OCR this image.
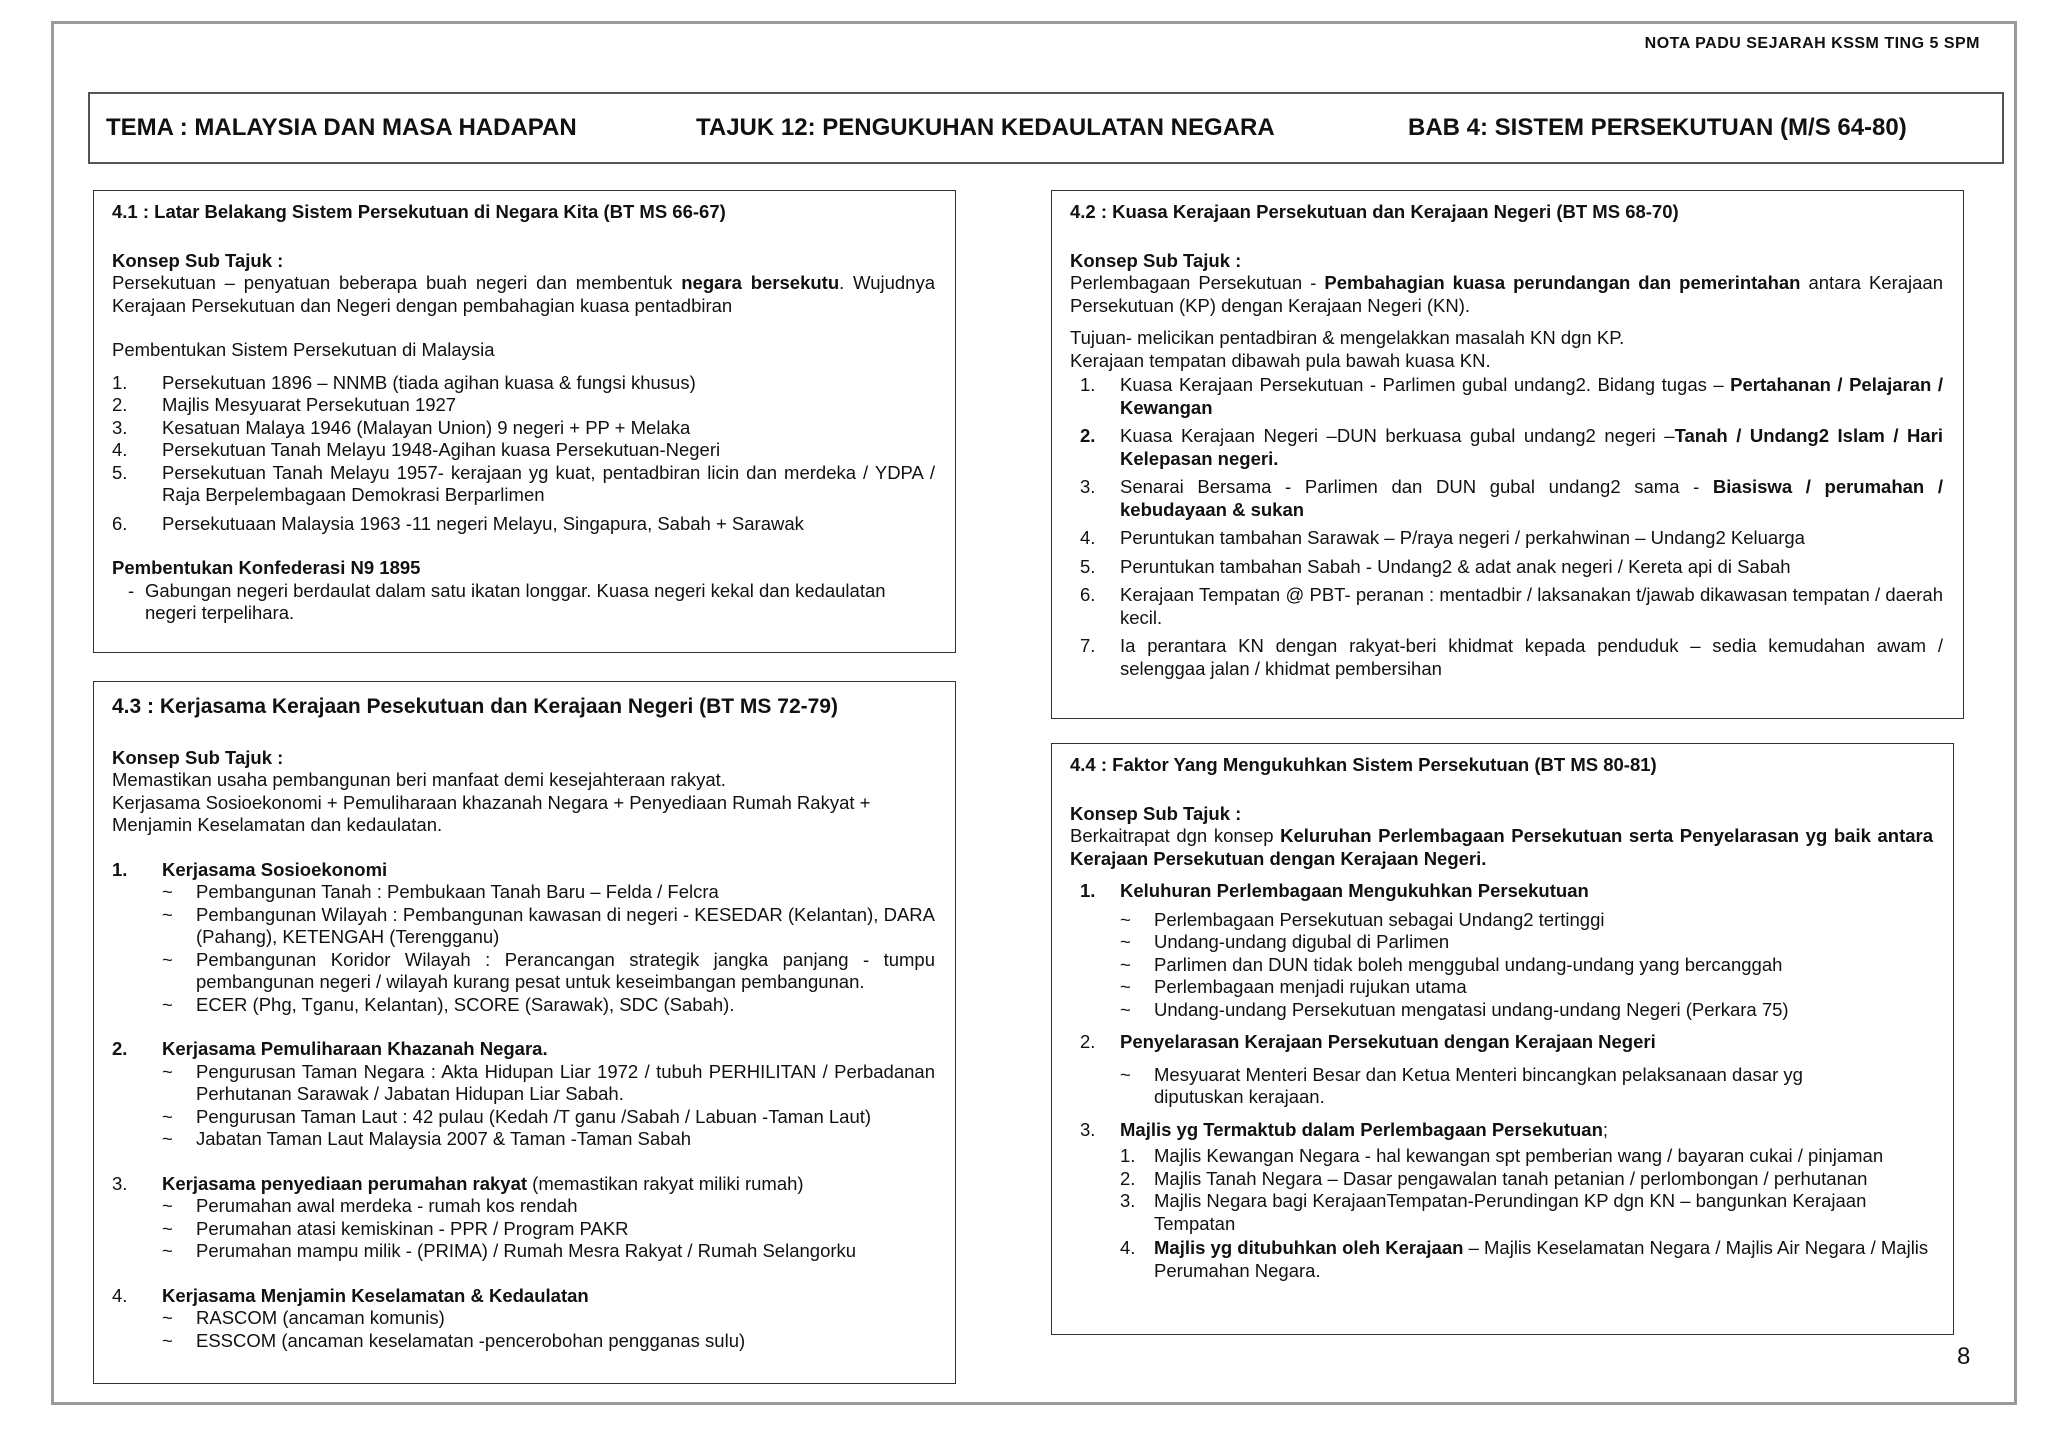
NOTA PADU SEJARAH KSSM TING 5 SPM
TEMA : MALAYSIA DAN MASA HADAPAN	TAJUK 12: PENGUKUHAN KEDAULATAN NEGARA	BAB 4: SISTEM PERSEKUTUAN (M/S 64-80)
4.1 : Latar Belakang Sistem Persekutuan di Negara Kita (BT MS 66-67)
Konsep Sub Tajuk :
Persekutuan – penyatuan beberapa buah negeri dan membentuk negara bersekutu. Wujudnya Kerajaan Persekutuan dan Negeri dengan pembahagian kuasa pentadbiran
Pembentukan Sistem Persekutuan di Malaysia
1.	Persekutuan 1896 – NNMB (tiada agihan kuasa & fungsi khusus)
2.	Majlis Mesyuarat Persekutuan 1927
3.	Kesatuan Malaya 1946 (Malayan Union) 9 negeri + PP + Melaka
4.	Persekutuan Tanah Melayu 1948-Agihan kuasa Persekutuan-Negeri
5.	Persekutuan Tanah Melayu 1957- kerajaan yg kuat, pentadbiran licin dan merdeka / YDPA / Raja Berpelembagaan Demokrasi Berparlimen
6.	Persekutuaan Malaysia 1963 -11 negeri Melayu, Singapura, Sabah + Sarawak
Pembentukan Konfederasi N9 1895
- Gabungan negeri berdaulat dalam satu ikatan longgar. Kuasa negeri kekal dan kedaulatan negeri terpelihara.
4.2 : Kuasa Kerajaan Persekutuan dan Kerajaan Negeri (BT MS 68-70)
Konsep Sub Tajuk :
Perlembagaan Persekutuan - Pembahagian kuasa perundangan dan pemerintahan antara Kerajaan Persekutuan (KP) dengan Kerajaan Negeri (KN).
Tujuan- melicikan pentadbiran & mengelakkan masalah KN dgn KP.
Kerajaan tempatan dibawah pula bawah kuasa KN.
1.	Kuasa Kerajaan Persekutuan - Parlimen gubal undang2. Bidang tugas – Pertahanan / Pelajaran / Kewangan
2.	Kuasa Kerajaan Negeri –DUN berkuasa gubal undang2 negeri –Tanah / Undang2 Islam / Hari Kelepasan negeri.
3.	Senarai Bersama - Parlimen dan DUN gubal undang2 sama - Biasiswa / perumahan / kebudayaan & sukan
4.	Peruntukan tambahan Sarawak – P/raya negeri / perkahwinan – Undang2 Keluarga
5.	Peruntukan tambahan Sabah - Undang2 & adat anak negeri / Kereta api di Sabah
6.	Kerajaan Tempatan @ PBT- peranan : mentadbir / laksanakan t/jawab dikawasan tempatan / daerah kecil.
7.	Ia perantara KN dengan rakyat-beri khidmat kepada penduduk – sedia kemudahan awam / selenggaa jalan / khidmat pembersihan
4.3 : Kerjasama Kerajaan Pesekutuan dan Kerajaan Negeri (BT MS 72-79)
Konsep Sub Tajuk :
Memastikan usaha pembangunan beri manfaat demi kesejahteraan rakyat.
Kerjasama Sosioekonomi + Pemuliharaan khazanah Negara + Penyediaan Rumah Rakyat + Menjamin Keselamatan dan kedaulatan.
1.	Kerjasama Sosioekonomi
~	Pembangunan Tanah : Pembukaan Tanah Baru – Felda / Felcra
~	Pembangunan Wilayah : Pembangunan kawasan di negeri - KESEDAR (Kelantan), DARA (Pahang), KETENGAH (Terengganu)
~	Pembangunan Koridor Wilayah : Perancangan strategik jangka panjang - tumpu pembangunan negeri / wilayah kurang pesat untuk keseimbangan pembangunan.
~	ECER (Phg, Tganu, Kelantan), SCORE (Sarawak), SDC (Sabah).
2.	Kerjasama Pemuliharaan Khazanah Negara.
~	Pengurusan Taman Negara : Akta Hidupan Liar 1972 / tubuh PERHILITAN / Perbadanan Perhutanan Sarawak / Jabatan Hidupan Liar Sabah.
~	Pengurusan Taman Laut : 42 pulau (Kedah /T ganu /Sabah / Labuan -Taman Laut)
~	Jabatan Taman Laut Malaysia 2007 & Taman -Taman Sabah
3.	Kerjasama penyediaan perumahan rakyat (memastikan rakyat miliki rumah)
~	Perumahan awal merdeka - rumah kos rendah
~	Perumahan atasi kemiskinan - PPR / Program PAKR
~	Perumahan mampu milik - (PRIMA) / Rumah Mesra Rakyat / Rumah Selangorku
4.	Kerjasama Menjamin Keselamatan & Kedaulatan
~	RASCOM (ancaman komunis)
~	ESSCOM (ancaman keselamatan -pencerobohan pengganas sulu)
4.4 : Faktor Yang Mengukuhkan Sistem Persekutuan (BT MS 80-81)
Konsep Sub Tajuk :
Berkaitrapat dgn konsep Keluruhan Perlembagaan Persekutuan serta Penyelarasan yg baik antara Kerajaan Persekutuan dengan Kerajaan Negeri.
1.	Keluhuran Perlembagaan Mengukuhkan Persekutuan
~	Perlembagaan Persekutuan sebagai Undang2 tertinggi
~	Undang-undang digubal di Parlimen
~	Parlimen dan DUN tidak boleh menggubal undang-undang yang bercanggah
~	Perlembagaan menjadi rujukan utama
~	Undang-undang Persekutuan mengatasi undang-undang Negeri (Perkara 75)
2.	Penyelarasan Kerajaan Persekutuan dengan Kerajaan Negeri
~	Mesyuarat Menteri Besar dan Ketua Menteri bincangkan pelaksanaan dasar yg diputuskan kerajaan.
3.	Majlis yg Termaktub dalam Perlembagaan Persekutuan;
1.	Majlis Kewangan Negara - hal kewangan spt pemberian wang / bayaran cukai / pinjaman
2.	Majlis Tanah Negara – Dasar pengawalan tanah petanian / perlombongan / perhutanan
3.	Majlis Negara bagi KerajaanTempatan-Perundingan KP dgn KN – bangunkan Kerajaan Tempatan
4.	Majlis yg ditubuhkan oleh Kerajaan – Majlis Keselamatan Negara / Majlis Air Negara / Majlis Perumahan Negara.
8
